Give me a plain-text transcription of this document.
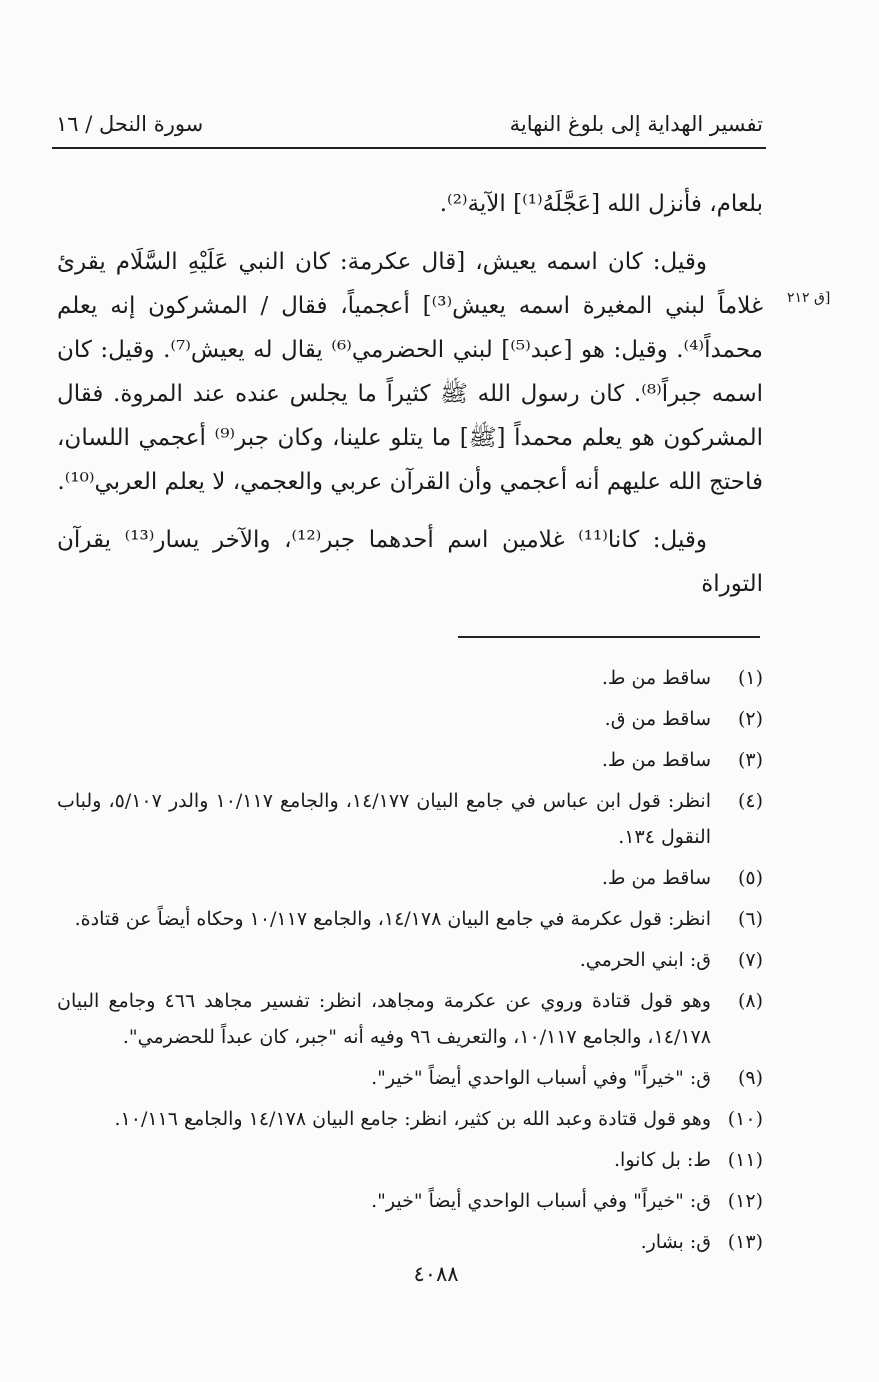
تفسير الهداية إلى بلوغ النهاية
سورة النحل / ١٦
[ق ٢١٢

بلعام، فأنزل الله [عَجَّلَهُ⁽¹⁾] الآية⁽²⁾.

وقيل: كان اسمه يعيش، [قال عكرمة: كان النبي عَلَيْهِ السَّلَام يقرئ غلاماً لبني المغيرة اسمه يعيش⁽³⁾] أعجمياً، فقال / المشركون إنه يعلم محمداً⁽⁴⁾. وقيل: هو [عبد⁽⁵⁾] لبني الحضرمي⁽⁶⁾ يقال له يعيش⁽⁷⁾. وقيل: كان اسمه جبراً⁽⁸⁾. كان رسول الله ﷺ كثيراً ما يجلس عنده عند المروة. فقال المشركون هو يعلم محمداً [ﷺ] ما يتلو علينا، وكان جبر⁽⁹⁾ أعجمي اللسان، فاحتج الله عليهم أنه أعجمي وأن القرآن عربي والعجمي، لا يعلم العربي⁽¹⁰⁾.

وقيل: كانا⁽¹¹⁾ غلامين اسم أحدهما جبر⁽¹²⁾، والآخر يسار⁽¹³⁾ يقرآن التوراة

(١)
ساقط من ط.
(٢)
ساقط من ق.
(٣)
ساقط من ط.
(٤)
انظر: قول ابن عباس في جامع البيان ١٤/١٧٧، والجامع ١٠/١١٧ والدر ٥/١٠٧، ولباب النقول ١٣٤.
(٥)
ساقط من ط.
(٦)
انظر: قول عكرمة في جامع البيان ١٤/١٧٨، والجامع ١٠/١١٧ وحكاه أيضاً عن قتادة.
(٧)
ق: ابني الحرمي.
(٨)
وهو قول قتادة وروي عن عكرمة ومجاهد، انظر: تفسير مجاهد ٤٦٦ وجامع البيان ١٤/١٧٨، والجامع ١٠/١١٧، والتعريف ٩٦ وفيه أنه "جبر، كان عبداً للحضرمي".
(٩)
ق: "خيراً" وفي أسباب الواحدي أيضاً "خير".
(١٠)
وهو قول قتادة وعبد الله بن كثير، انظر: جامع البيان ١٤/١٧٨ والجامع ١٠/١١٦.
(١١)
ط: بل كانوا.
(١٢)
ق: "خيراً" وفي أسباب الواحدي أيضاً "خير".
(١٣)
ق: بشار.
٤٠٨٨
